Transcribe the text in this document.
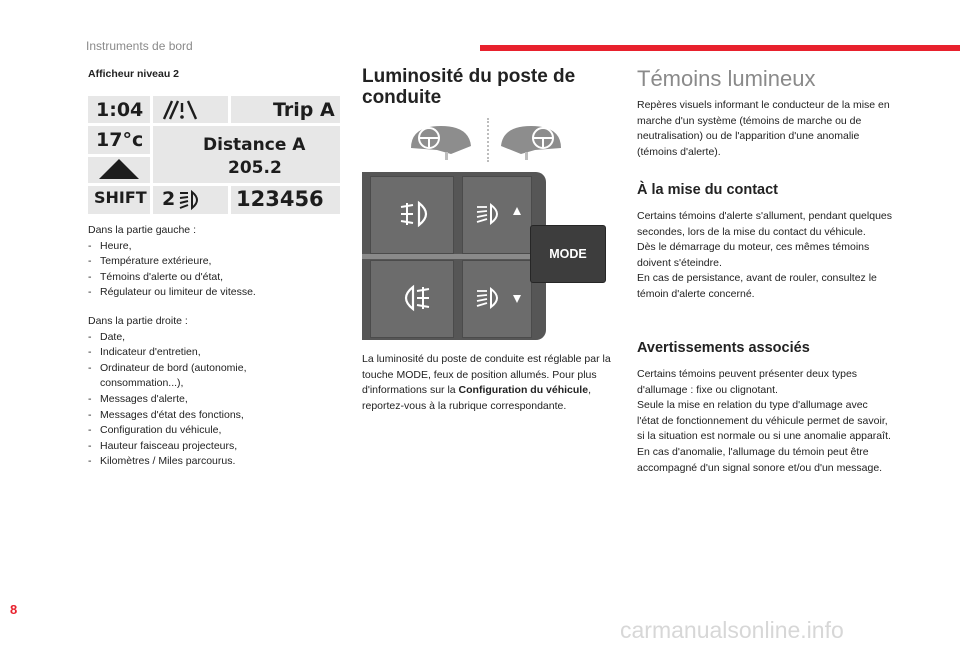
Instruments de bord
Afficheur niveau 2
1:04	Trip A
17°c	Distance A
205.2
SHIFT 2	123456
Dans la partie gauche :
- Heure,
- Température extérieure,
- Témoins d'alerte ou d'état,
- Régulateur ou limiteur de vitesse.
Dans la partie droite :
- Date,
- Indicateur d'entretien,
- Ordinateur de bord (autonomie, consommation...),
- Messages d'alerte,
- Messages d'état des fonctions,
- Configuration du véhicule,
- Hauteur faisceau projecteurs,
- Kilomètres / Miles parcourus.
Luminosité du poste de conduite
MODE
La luminosité du poste de conduite est réglable par la touche MODE, feux de position allumés. Pour plus d'informations sur la Configuration du véhicule, reportez-vous à la rubrique correspondante.
Témoins lumineux
Repères visuels informant le conducteur de la mise en marche d'un système (témoins de marche ou de neutralisation) ou de l'apparition d'une anomalie (témoins d'alerte).
À la mise du contact
Certains témoins d'alerte s'allument, pendant quelques secondes, lors de la mise du contact du véhicule.
Dès le démarrage du moteur, ces mêmes témoins doivent s'éteindre.
En cas de persistance, avant de rouler, consultez le témoin d'alerte concerné.
Avertissements associés
Certains témoins peuvent présenter deux types d'allumage : fixe ou clignotant.
Seule la mise en relation du type d'allumage avec l'état de fonctionnement du véhicule permet de savoir, si la situation est normale ou si une anomalie apparaît.
En cas d'anomalie, l'allumage du témoin peut être accompagné d'un signal sonore et/ou d'un message.
8
carmanualsonline.info
